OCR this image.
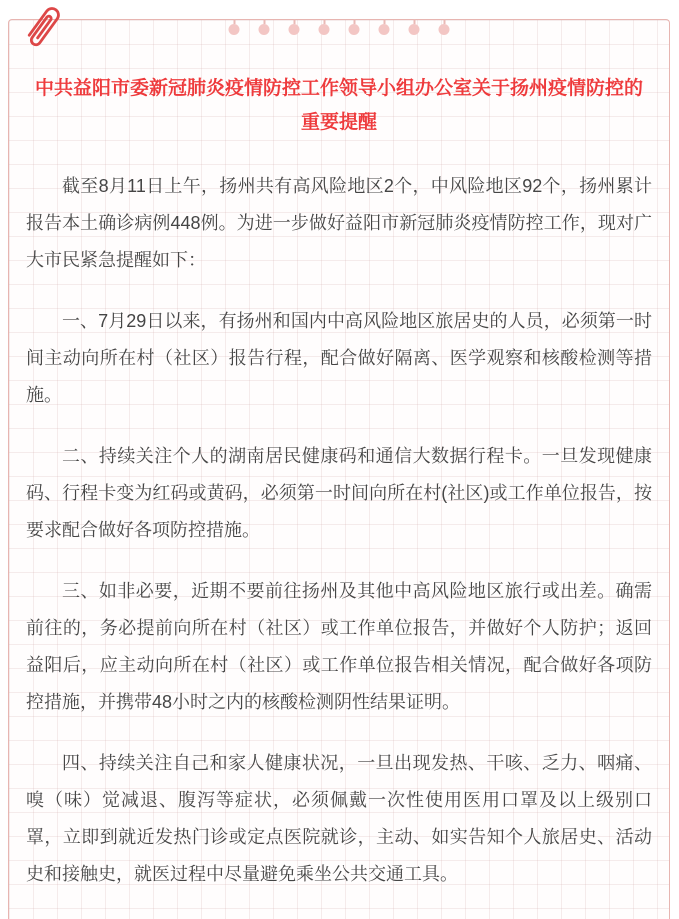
中共益阳市委新冠肺炎疫情防控工作领导小组办公室关于扬州疫情防控的重要提醒

截至8月11日上午，扬州共有高风险地区2个，中风险地区92个，扬州累计报告本土确诊病例448例。为进一步做好益阳市新冠肺炎疫情防控工作，现对广大市民紧急提醒如下：

一、7月29日以来，有扬州和国内中高风险地区旅居史的人员，必须第一时间主动向所在村（社区）报告行程，配合做好隔离、医学观察和核酸检测等措施。

二、持续关注个人的湖南居民健康码和通信大数据行程卡。一旦发现健康码、行程卡变为红码或黄码，必须第一时间向所在村(社区)或工作单位报告，按要求配合做好各项防控措施。

三、如非必要，近期不要前往扬州及其他中高风险地区旅行或出差。确需前往的，务必提前向所在村（社区）或工作单位报告，并做好个人防护；返回益阳后，应主动向所在村（社区）或工作单位报告相关情况，配合做好各项防控措施，并携带48小时之内的核酸检测阴性结果证明。

四、持续关注自己和家人健康状况，一旦出现发热、干咳、乏力、咽痛、嗅（味）觉减退、腹泻等症状，必须佩戴一次性使用医用口罩及以上级别口罩，立即到就近发热门诊或定点医院就诊，主动、如实告知个人旅居史、活动史和接触史，就医过程中尽量避免乘坐公共交通工具。
